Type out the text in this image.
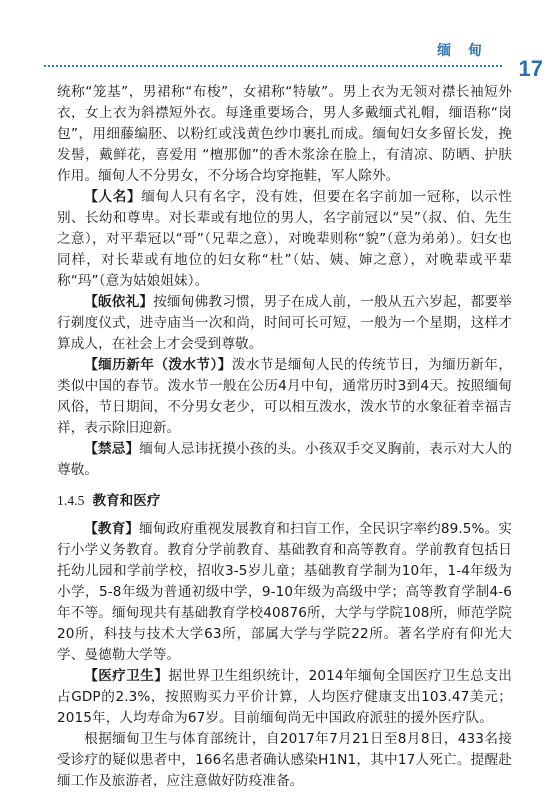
缅 甸
17

统称“笼基”，男裙称“布梭”，女裙称“特敏”。男上衣为无领对襟长袖短外衣，女上衣为斜襟短外衣。每逢重要场合，男人多戴缅式礼帽，缅语称“岗包”，用细藤编胚、以粉红或浅黄色纱巾裹扎而成。缅甸妇女多留长发，挽发髻，戴鲜花，喜爱用 “檀那伽”的香木浆涂在脸上，有清凉、防晒、护肤作用。缅甸人不分男女，不分场合均穿拖鞋，军人除外。

【人名】缅甸人只有名字，没有姓，但要在名字前加一冠称，以示性别、长幼和尊卑。对长辈或有地位的男人，名字前冠以“吴”（叔、伯、先生之意），对平辈冠以“哥”（兄辈之意），对晚辈则称“貌”（意为弟弟）。妇女也同样，对长辈或有地位的妇女称“杜”（姑、姨、婶之意），对晚辈或平辈称“玛”（意为姑娘姐妹）。

【皈依礼】按缅甸佛教习惯，男子在成人前，一般从五六岁起，都要举行剃度仪式，进寺庙当一次和尚，时间可长可短，一般为一个星期，这样才算成人，在社会上才会受到尊敬。

【缅历新年（泼水节）】泼水节是缅甸人民的传统节日，为缅历新年，类似中国的春节。泼水节一般在公历4月中旬，通常历时3到4天。按照缅甸风俗，节日期间，不分男女老少，可以相互泼水，泼水节的水象征着幸福吉祥，表示除旧迎新。

【禁忌】缅甸人忌讳抚摸小孩的头。小孩双手交叉胸前，表示对大人的尊敬。

1.4.5 教育和医疗

【教育】缅甸政府重视发展教育和扫盲工作，全民识字率约89.5%。实行小学义务教育。教育分学前教育、基础教育和高等教育。学前教育包括日托幼儿园和学前学校，招收3-5岁儿童；基础教育学制为10年，1-4年级为小学，5-8年级为普通初级中学，9-10年级为高级中学；高等教育学制4-6年不等。缅甸现共有基础教育学校40876所，大学与学院108所，师范学院20所，科技与技术大学63所，部属大学与学院22所。著名学府有仰光大学、曼德勒大学等。

【医疗卫生】据世界卫生组织统计，2014年缅甸全国医疗卫生总支出占GDP的2.3%，按照购买力平价计算，人均医疗健康支出103.47美元；2015年，人均寿命为67岁。目前缅甸尚无中国政府派驻的援外医疗队。

根据缅甸卫生与体育部统计，自2017年7月21日至8月8日，433名接受诊疗的疑似患者中，166名患者确认感染H1N1，其中17人死亡。提醒赴缅工作及旅游者，应注意做好防疫准备。
